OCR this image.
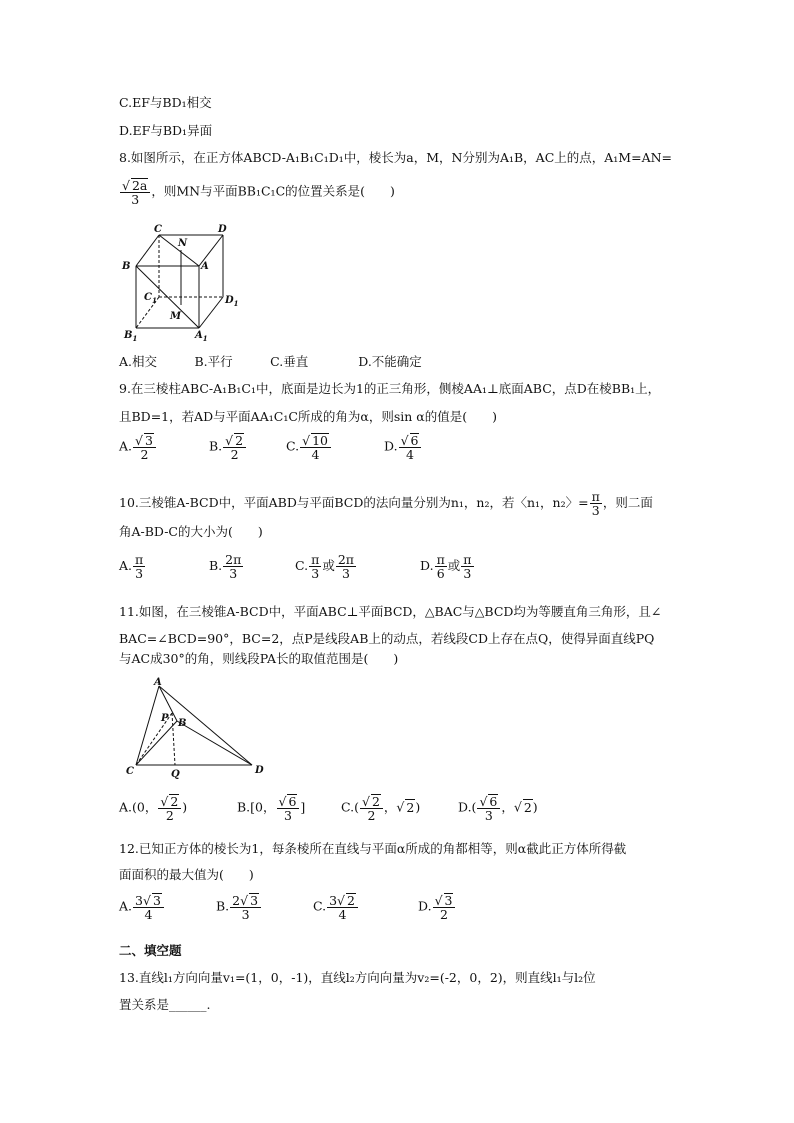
C.EF与BD₁相交
D.EF与BD₁异面
8.如图所示，在正方体ABCD-A₁B₁C₁D₁中，棱长为a，M，N分别为A₁B，AC上的点，A₁M=AN=
$\frac{√ 2a}{3}$ ，则MN与平面BB₁C₁C的位置关系是(　　)
C
N
D
B	A
$C_1$	$D_1$
M
$B_1$	$A_1$
A.相交　　　B.平行　　　C.垂直　　　　D.不能确定
9.在三棱柱ABC-A₁B₁C₁中，底面是边长为1的正三角形，侧棱AA₁⊥底面ABC，点D在棱BB₁上，
且BD=1，若AD与平面AA₁C₁C所成的角为α，则sin α的值是(　　)
A. $\frac{√ 3}{2}$	B. $\frac{√ 2}{2}$	C. $\frac{√ 10}{4}$	D. $\frac{√ 6}{4}$
10.三棱锥A-BCD中，平面ABD与平面BCD的法向量分别为n₁，n₂，若〈n₁，n₂〉= $\frac{\pi}{3}$ ，则二面
角A-BD-C的大小为(　　)
A. $\frac{\pi}{3}$	B. $\frac{2\pi}{3}$	C. $\frac{\pi}{3}$ 或 $\frac{2\pi}{3}$	D. $\frac{\pi}{6}$ 或 $\frac{\pi}{3}$
11.如图，在三棱锥A-BCD中，平面ABC⊥平面BCD，△BAC与△BCD均为等腰直角三角形，且∠
BAC=∠BCD=90°，BC=2，点P是线段AB上的动点，若线段CD上存在点Q，使得异面直线PQ
与AC成30°的角，则线段PA长的取值范围是(　　)
A
P B
C	Q	D
A.(0， $\frac{√ 2}{2}$ )	B.[0， $\frac{√ 6}{3}$ ]	$C.( \frac{√ 2}{2}$ ，√ 2)	$D.( \frac{√ 6}{3}$ ，√ 2)
12.已知正方体的棱长为1，每条棱所在直线与平面α所成的角都相等，则α截此正方体所得截
面面积的最大值为(　　)
A. $\frac{3√ 3}{4}$	B. $\frac{2√ 3}{3}$	C. $\frac{3√ 2}{4}$	D. $\frac{√ 3}{2}$
二、填空题
13.直线l₁方向向量v₁=(1，0，-1)，直线l₂方向向量为v₂=(-2，0，2)，则直线l₁与l₂位
置关系是______.
